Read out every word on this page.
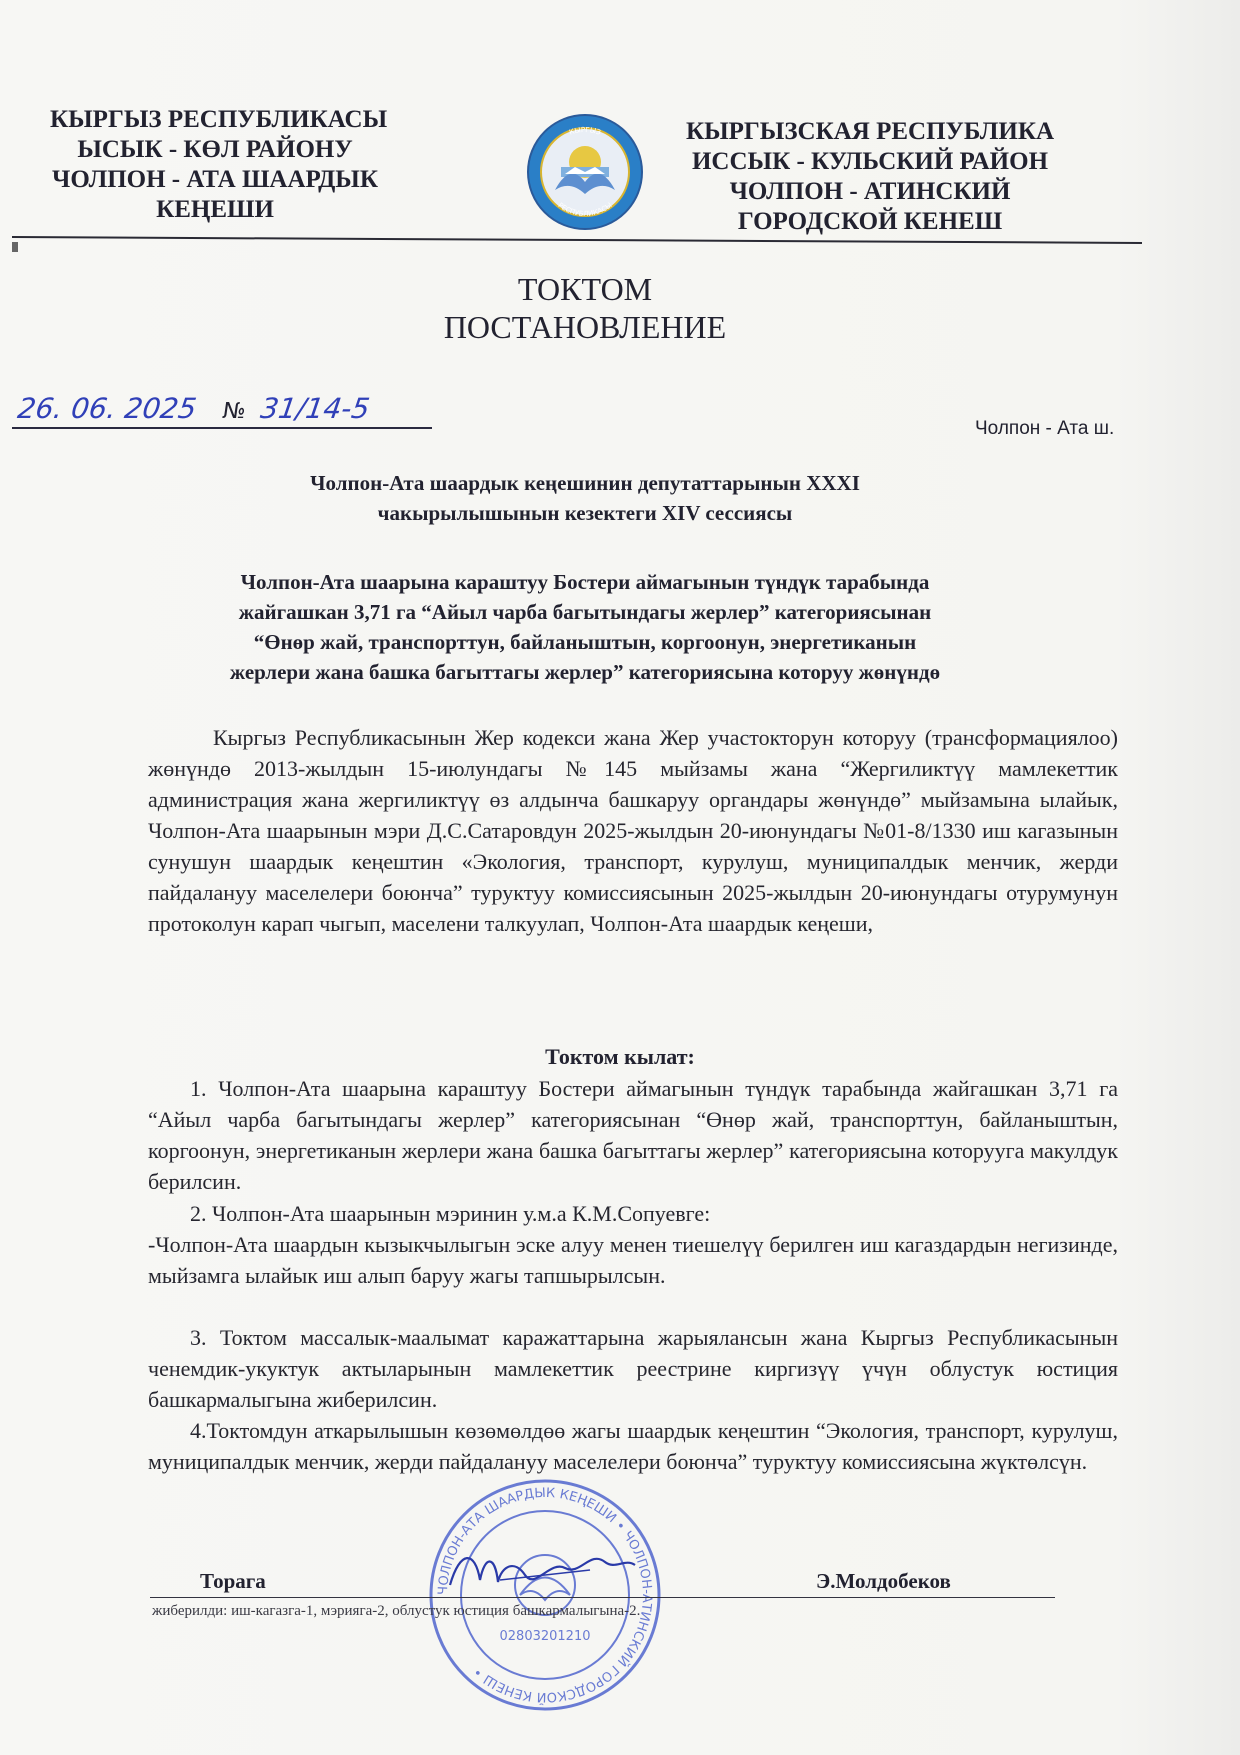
КЫРГЫЗ РЕСПУБЛИКАСЫ
ЫСЫК - КӨЛ РАЙОНУ
ЧОЛПОН - АТА ШААРДЫК
КЕҢЕШИ
КЫРГЫЗ
РЕСПУБЛИКАСЫ
КЫРГЫЗСКАЯ РЕСПУБЛИКА
ИССЫК - КУЛЬСКИЙ РАЙОН
ЧОЛПОН - АТИНСКИЙ
ГОРОДСКОЙ КЕНЕШ
ТОКТОМ
ПОСТАНОВЛЕНИЕ
26. 06. 2025 № 31/14-5
Чолпон - Ата ш.
Чолпон-Ата шаардык кеңешинин депутаттарынын XXXI
чакырылышынын кезектеги XIV сессиясы
Чолпон-Ата шаарына караштуу Бостери аймагынын түндүк тарабында
жайгашкан 3,71 га “Айыл чарба багытындагы жерлер” категориясынан
“Өнөр жай, транспорттун, байланыштын, коргоонун, энергетиканын
жерлери жана башка багыттагы жерлер” категориясына которуу жөнүндө
Кыргыз Республикасынын Жер кодекси жана Жер участокторун которуу (трансформациялоо) жөнүндө 2013-жылдын 15-июлундагы №145 мыйзамы жана “Жергиликтүү мамлекеттик администрация жана жергиликтүү өз алдынча башкаруу органдары жөнүндө” мыйзамына ылайык, Чолпон-Ата шаарынын мэри Д.С.Сатаровдун 2025-жылдын 20-июнундагы №01-8/1330 иш кагазынын сунушун шаардык кеңештин «Экология, транспорт, курулуш, муниципалдык менчик, жерди пайдалануу маселелери боюнча” туруктуу комиссиясынын 2025-жылдын 20-июнундагы отурумунун протоколун карап чыгып, маселени талкуулап, Чолпон-Ата шаардык кеңеши,
Токтом кылат:
1. Чолпон-Ата шаарына караштуу Бостери аймагынын түндүк тарабында жайгашкан 3,71 га “Айыл чарба багытындагы жерлер” категориясынан “Өнөр жай, транспорттун, байланыштын, коргоонун, энергетиканын жерлери жана башка багыттагы жерлер” категориясына которууга макулдук берилсин.
2. Чолпон-Ата шаарынын мэринин у.м.а К.М.Сопуевге:
-Чолпон-Ата шаардын кызыкчылыгын эске алуу менен тиешелүү берилген иш кагаздардын негизинде, мыйзамга ылайык иш алып баруу жагы тапшырылсын.
3. Токтом массалык-маалымат каражаттарына жарыялансын жана Кыргыз Республикасынын ченемдик-укуктук актыларынын мамлекеттик реестрине киргизүү үчүн облустук юстиция башкармалыгына жиберилсин.
4.Токтомдун аткарылышын көзөмөлдөө жагы шаардык кеңештин “Экология, транспорт, курулуш, муниципалдык менчик, жерди пайдалануу маселелери боюнча” туруктуу комиссиясына жүктөлсүн.
ЧОЛПОН-АТА ШААРДЫК КЕҢЕШИ • ЧОЛПОН-АТИНСКИЙ ГОРОДСКОЙ КЕНЕШ •
02803201210
Торага	Э.Молдобеков
жиберилди: иш-кагазга-1, мэрияга-2, облустук юстиция башкармалыгына-2.
